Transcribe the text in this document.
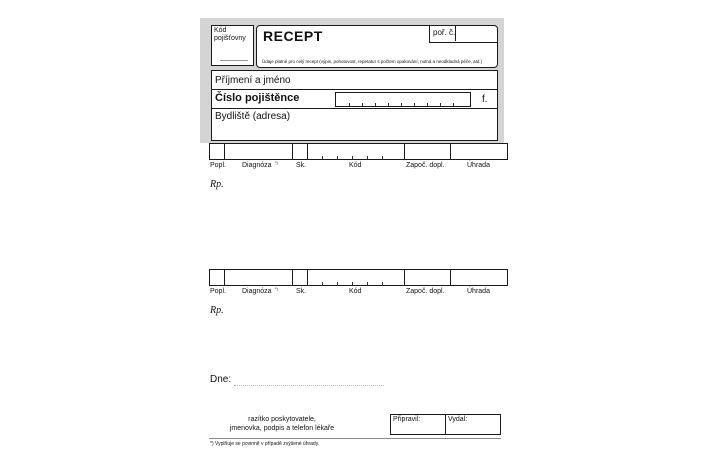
Kód pojišťovny	RECEPT	poř. č.
Údaje platné pro celý recept (výpis, pohotovost, repetatur s počtem opakování, nutná a neodkladná péče, atd.)
Příjmení a jméno
Číslo pojištěnce	f.
Bydliště (adresa)
Popl. Diagnóza *)	Sk.	Kód	Započ. dopl.	Úhrada
Rp.
Popl. Diagnóza *)	Sk.	Kód	Započ. dopl.	Úhrada
Rp.
Dne:
razítko poskytovatele,
jmenovka, podpis a telefon lékaře
Připravil:	Vydal:
*) Vyplňuje se povinně v případě zvýšené úhrady.
